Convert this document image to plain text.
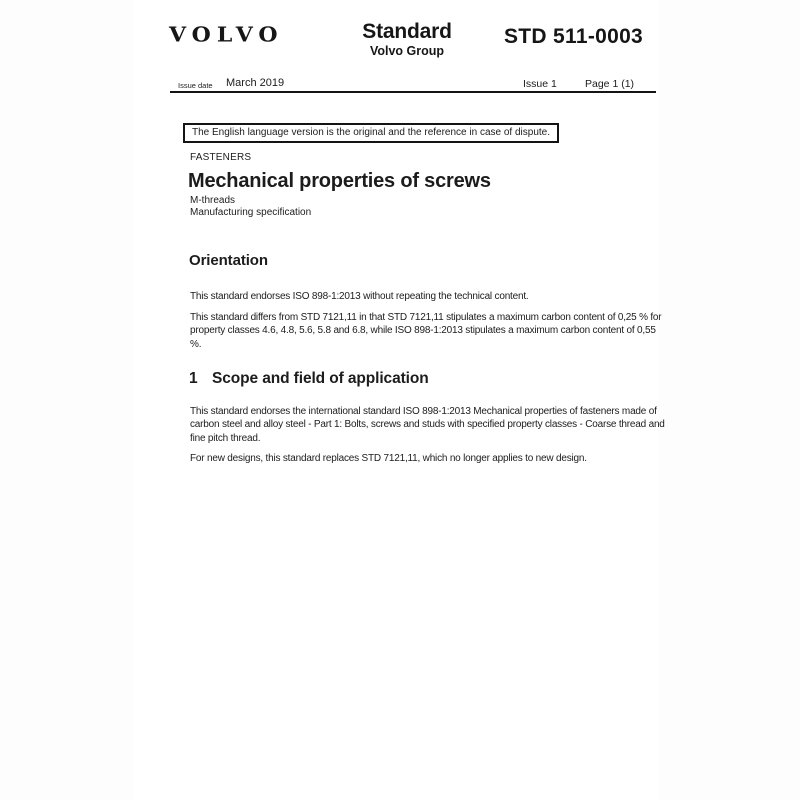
VOLVO	Standard
Volvo Group
STD 511-0003
Issue date March 2019	Issue 1	Page 1 (1)
The English language version is the original and the reference in case of dispute.
FASTENERS
Mechanical properties of screws
M-threads
Manufacturing specification
Orientation

This standard endorses ISO 898-1:2013 without repeating the technical content.

This standard differs from STD 7121,11 in that STD 7121,11 stipulates a maximum carbon content of 0,25 % for property classes 4.6, 4.8, 5.6, 5.8 and 6.8, while ISO 898-1:2013 stipulates a maximum carbon content of 0,55 %.

1 Scope and field of application

This standard endorses the international standard ISO 898-1:2013 Mechanical properties of fasteners made of carbon steel and alloy steel - Part 1: Bolts, screws and studs with specified property classes - Coarse thread and fine pitch thread.

For new designs, this standard replaces STD 7121,11, which no longer applies to new design.
